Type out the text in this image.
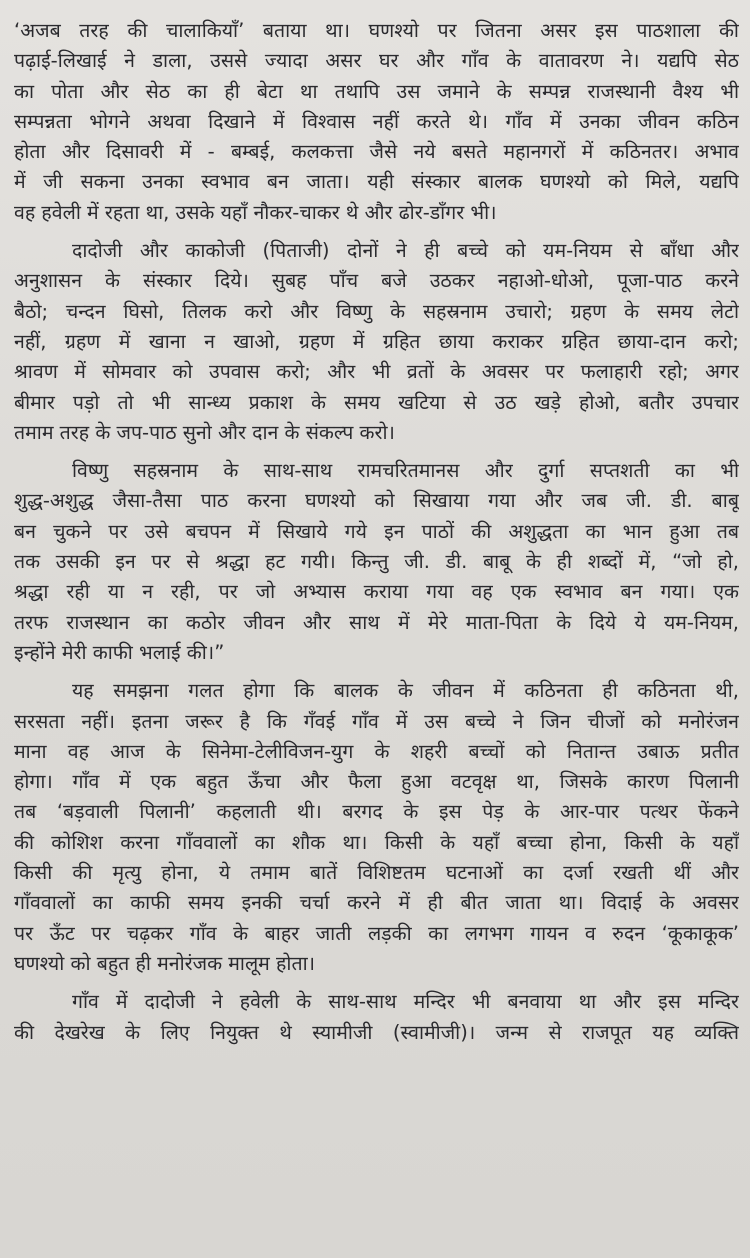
‘अजब तरह की चालाकियाँ’ बताया था। घणश्यो पर जितना असर इस पाठशाला की
पढ़ाई-लिखाई ने डाला, उससे ज्यादा असर घर और गाँव के वातावरण ने। यद्यपि सेठ
का पोता और सेठ का ही बेटा था तथापि उस जमाने के सम्पन्न राजस्थानी वैश्य भी
सम्पन्नता भोगने अथवा दिखाने में विश्वास नहीं करते थे। गाँव में उनका जीवन कठिन
होता और दिसावरी में - बम्बई, कलकत्ता जैसे नये बसते महानगरों में कठिनतर। अभाव
में जी सकना उनका स्वभाव बन जाता। यही संस्कार बालक घणश्यो को मिले, यद्यपि
वह हवेली में रहता था, उसके यहाँ नौकर-चाकर थे और ढोर-डाँगर भी।

दादोजी और काकोजी (पिताजी) दोनों ने ही बच्चे को यम-नियम से बाँधा और
अनुशासन के संस्कार दिये। सुबह पाँच बजे उठकर नहाओ-धोओ, पूजा-पाठ करने
बैठो; चन्दन घिसो, तिलक करो और विष्णु के सहस्रनाम उचारो; ग्रहण के समय लेटो
नहीं, ग्रहण में खाना न खाओ, ग्रहण में ग्रहित छाया कराकर ग्रहित छाया-दान करो;
श्रावण में सोमवार को उपवास करो; और भी व्रतों के अवसर पर फलाहारी रहो; अगर
बीमार पड़ो तो भी सान्ध्य प्रकाश के समय खटिया से उठ खड़े होओ, बतौर उपचार
तमाम तरह के जप-पाठ सुनो और दान के संकल्प करो।

विष्णु सहस्रनाम के साथ-साथ रामचरितमानस और दुर्गा सप्तशती का भी
शुद्ध-अशुद्ध जैसा-तैसा पाठ करना घणश्यो को सिखाया गया और जब जी. डी. बाबू
बन चुकने पर उसे बचपन में सिखाये गये इन पाठों की अशुद्धता का भान हुआ तब
तक उसकी इन पर से श्रद्धा हट गयी। किन्तु जी. डी. बाबू के ही शब्दों में, “जो हो,
श्रद्धा रही या न रही, पर जो अभ्यास कराया गया वह एक स्वभाव बन गया। एक
तरफ राजस्थान का कठोर जीवन और साथ में मेरे माता-पिता के दिये ये यम-नियम,
इन्होंने मेरी काफी भलाई की।”

यह समझना गलत होगा कि बालक के जीवन में कठिनता ही कठिनता थी,
सरसता नहीं। इतना जरूर है कि गँवई गाँव में उस बच्चे ने जिन चीजों को मनोरंजन
माना वह आज के सिनेमा-टेलीविजन-युग के शहरी बच्चों को नितान्त उबाऊ प्रतीत
होगा। गाँव में एक बहुत ऊँचा और फैला हुआ वटवृक्ष था, जिसके कारण पिलानी
तब ‘बड़वाली पिलानी’ कहलाती थी। बरगद के इस पेड़ के आर-पार पत्थर फेंकने
की कोशिश करना गाँववालों का शौक था। किसी के यहाँ बच्चा होना, किसी के यहाँ
किसी की मृत्यु होना, ये तमाम बातें विशिष्टतम घटनाओं का दर्जा रखती थीं और
गाँववालों का काफी समय इनकी चर्चा करने में ही बीत जाता था। विदाई के अवसर
पर ऊँट पर चढ़कर गाँव के बाहर जाती लड़की का लगभग गायन व रुदन ‘कूकाकूक’
घणश्यो को बहुत ही मनोरंजक मालूम होता।

गाँव में दादोजी ने हवेली के साथ-साथ मन्दिर भी बनवाया था और इस मन्दिर
की देखरेख के लिए नियुक्त थे स्यामीजी (स्वामीजी)। जन्म से राजपूत यह व्यक्ति
